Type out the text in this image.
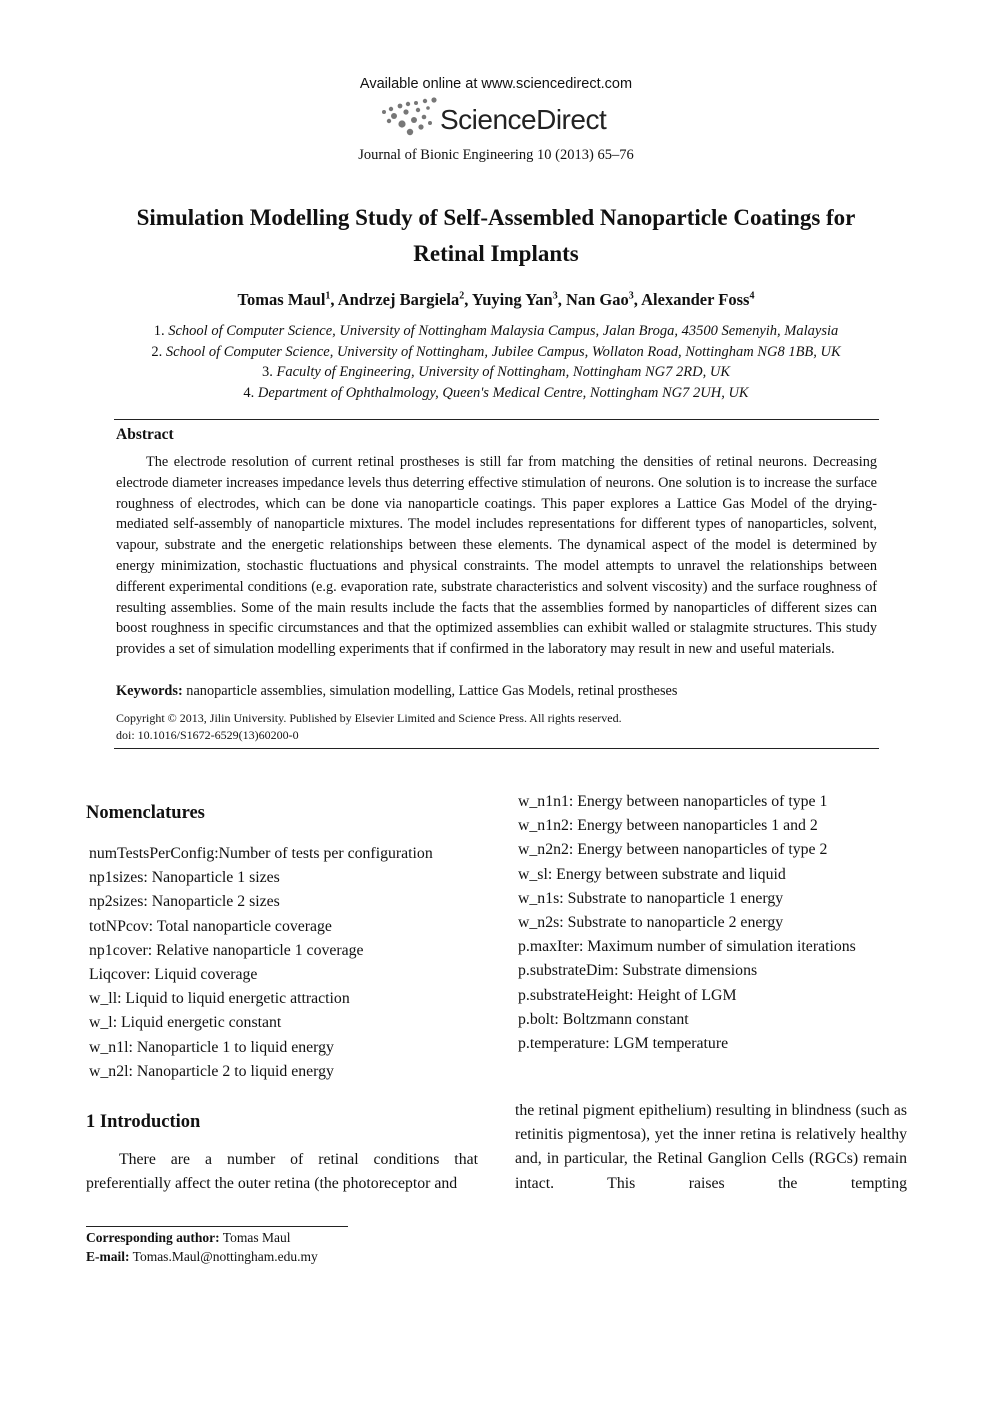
Available online at www.sciencedirect.com
ScienceDirect
Journal of Bionic Engineering 10 (2013) 65–76
Simulation Modelling Study of Self-Assembled Nanoparticle Coatings for Retinal Implants
Tomas Maul$^1$, Andrzej Bargiela$^2$, Yuying Yan$^3$, Nan Gao$^3$, Alexander Foss$^4$
1. School of Computer Science, University of Nottingham Malaysia Campus, Jalan Broga, 43500 Semenyih, Malaysia
2. School of Computer Science, University of Nottingham, Jubilee Campus, Wollaton Road, Nottingham NG8 1BB, UK
3. Faculty of Engineering, University of Nottingham, Nottingham NG7 2RD, UK
4. Department of Ophthalmology, Queen's Medical Centre, Nottingham NG7 2UH, UK
Abstract
The electrode resolution of current retinal prostheses is still far from matching the densities of retinal neurons. Decreasing electrode diameter increases impedance levels thus deterring effective stimulation of neurons. One solution is to increase the surface roughness of electrodes, which can be done via nanoparticle coatings. This paper explores a Lattice Gas Model of the drying-mediated self-assembly of nanoparticle mixtures. The model includes representations for different types of nanoparticles, solvent, vapour, substrate and the energetic relationships between these elements. The dynamical aspect of the model is determined by energy minimization, stochastic fluctuations and physical constraints. The model attempts to unravel the relationships between different experimental conditions (e.g. evaporation rate, substrate characteristics and solvent viscosity) and the surface roughness of resulting assemblies. Some of the main results include the facts that the assemblies formed by nanoparticles of different sizes can boost roughness in specific circumstances and that the optimized assemblies can exhibit walled or stalagmite structures. This study provides a set of simulation modelling experiments that if confirmed in the laboratory may result in new and useful materials.
Keywords: nanoparticle assemblies, simulation modelling, Lattice Gas Models, retinal prostheses
Copyright © 2013, Jilin University. Published by Elsevier Limited and Science Press. All rights reserved.
doi: 10.1016/S1672-6529(13)60200-0
Nomenclatures
numTestsPerConfig:Number of tests per configuration
np1sizes: Nanoparticle 1 sizes
np2sizes: Nanoparticle 2 sizes
totNPcov: Total nanoparticle coverage
np1cover: Relative nanoparticle 1 coverage
Liqcover: Liquid coverage
w_ll: Liquid to liquid energetic attraction
w_l: Liquid energetic constant
w_n1l: Nanoparticle 1 to liquid energy
w_n2l: Nanoparticle 2 to liquid energy
w_n1n1: Energy between nanoparticles of type 1
w_n1n2: Energy between nanoparticles 1 and 2
w_n2n2: Energy between nanoparticles of type 2
w_sl: Energy between substrate and liquid
w_n1s: Substrate to nanoparticle 1 energy
w_n2s: Substrate to nanoparticle 2 energy
p.maxIter: Maximum number of simulation iterations
p.substrateDim: Substrate dimensions
p.substrateHeight: Height of LGM
p.bolt: Boltzmann constant
p.temperature: LGM temperature
1 Introduction
There are a number of retinal conditions that preferentially affect the outer retina (the photoreceptor and
the retinal pigment epithelium) resulting in blindness (such as retinitis pigmentosa), yet the inner retina is relatively healthy and, in particular, the Retinal Ganglion Cells (RGCs) remain intact. This raises the tempting
Corresponding author: Tomas Maul
E-mail: Tomas.Maul@nottingham.edu.my
